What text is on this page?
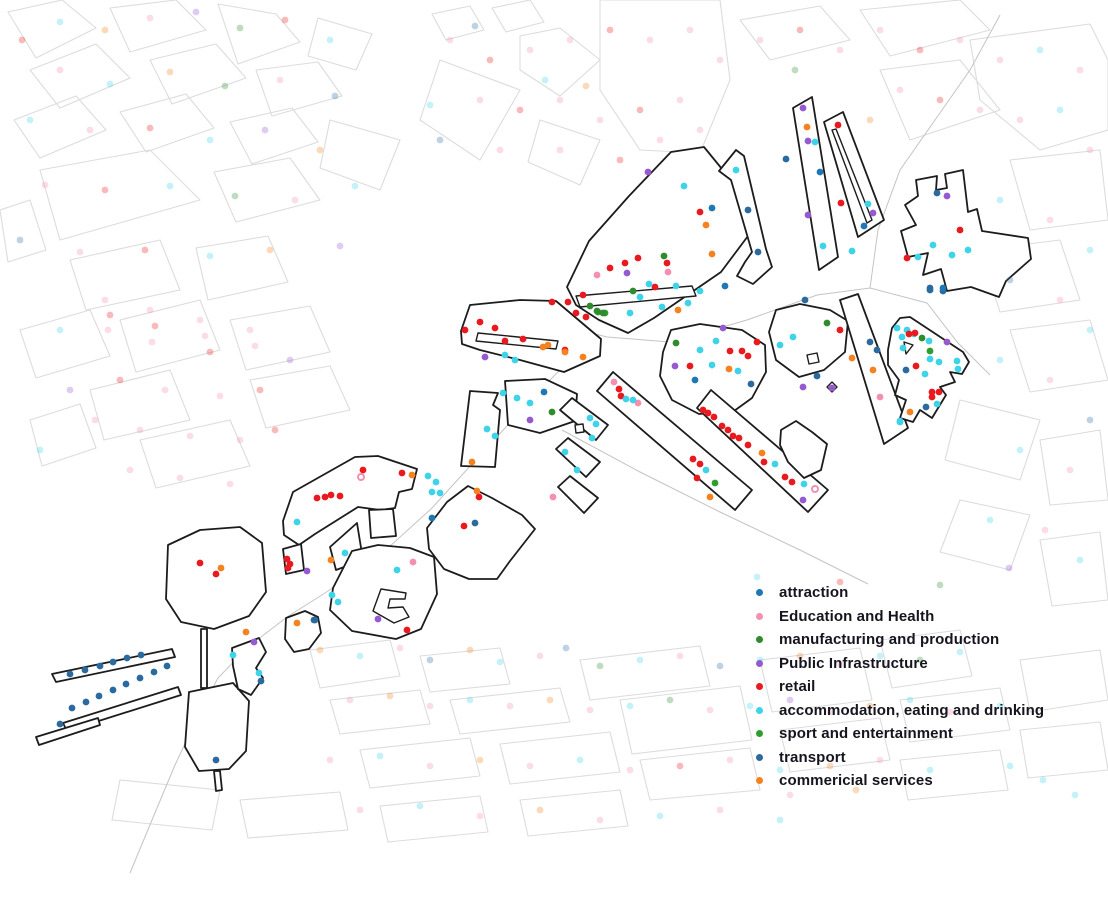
attraction
Education and Health
manufacturing and production
Public Infrastructure
retail
accommodation, eating and drinking
sport and entertainment
transport
commericial services
